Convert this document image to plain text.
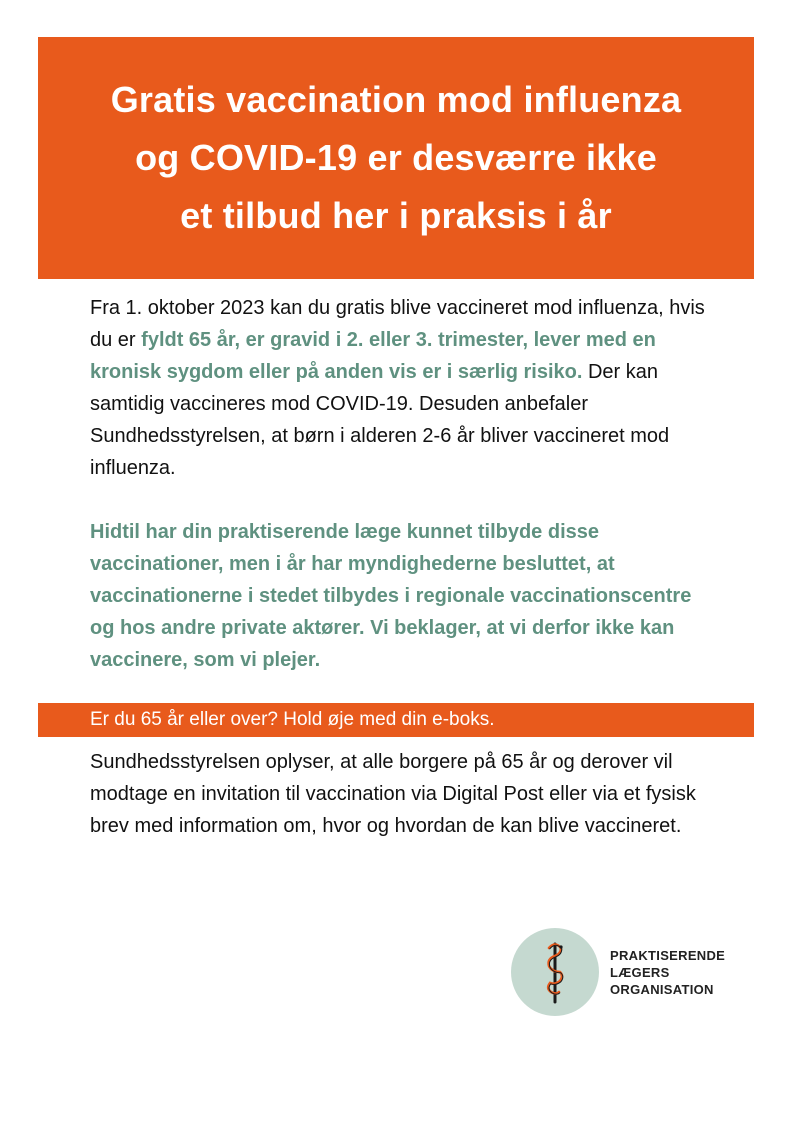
Gratis vaccination mod influenza
og COVID-19 er desværre ikke
et tilbud her i praksis i år

Fra 1. oktober 2023 kan du gratis blive vaccineret mod influenza, hvis du er fyldt 65 år, er gravid i 2. eller 3. trimester, lever med en kronisk sygdom eller på anden vis er i særlig risiko. Der kan samtidig vaccineres mod COVID-19. Desuden anbefaler Sundhedsstyrelsen, at børn i alderen 2-6 år bliver vaccineret mod influenza.

Hidtil har din praktiserende læge kunnet tilbyde disse vaccinationer, men i år har myndighederne besluttet, at vaccinationerne i stedet tilbydes i regionale vaccinationscentre og hos andre private aktører. Vi beklager, at vi derfor ikke kan vaccinere, som vi plejer.

Er du 65 år eller over? Hold øje med din e-boks.

Sundhedsstyrelsen oplyser, at alle borgere på 65 år og derover vil modtage en invitation til vaccination via Digital Post eller via et fysisk brev med information om, hvor og hvordan de kan blive vaccineret.

PRAKTISERENDE
LÆGERS
ORGANISATION
